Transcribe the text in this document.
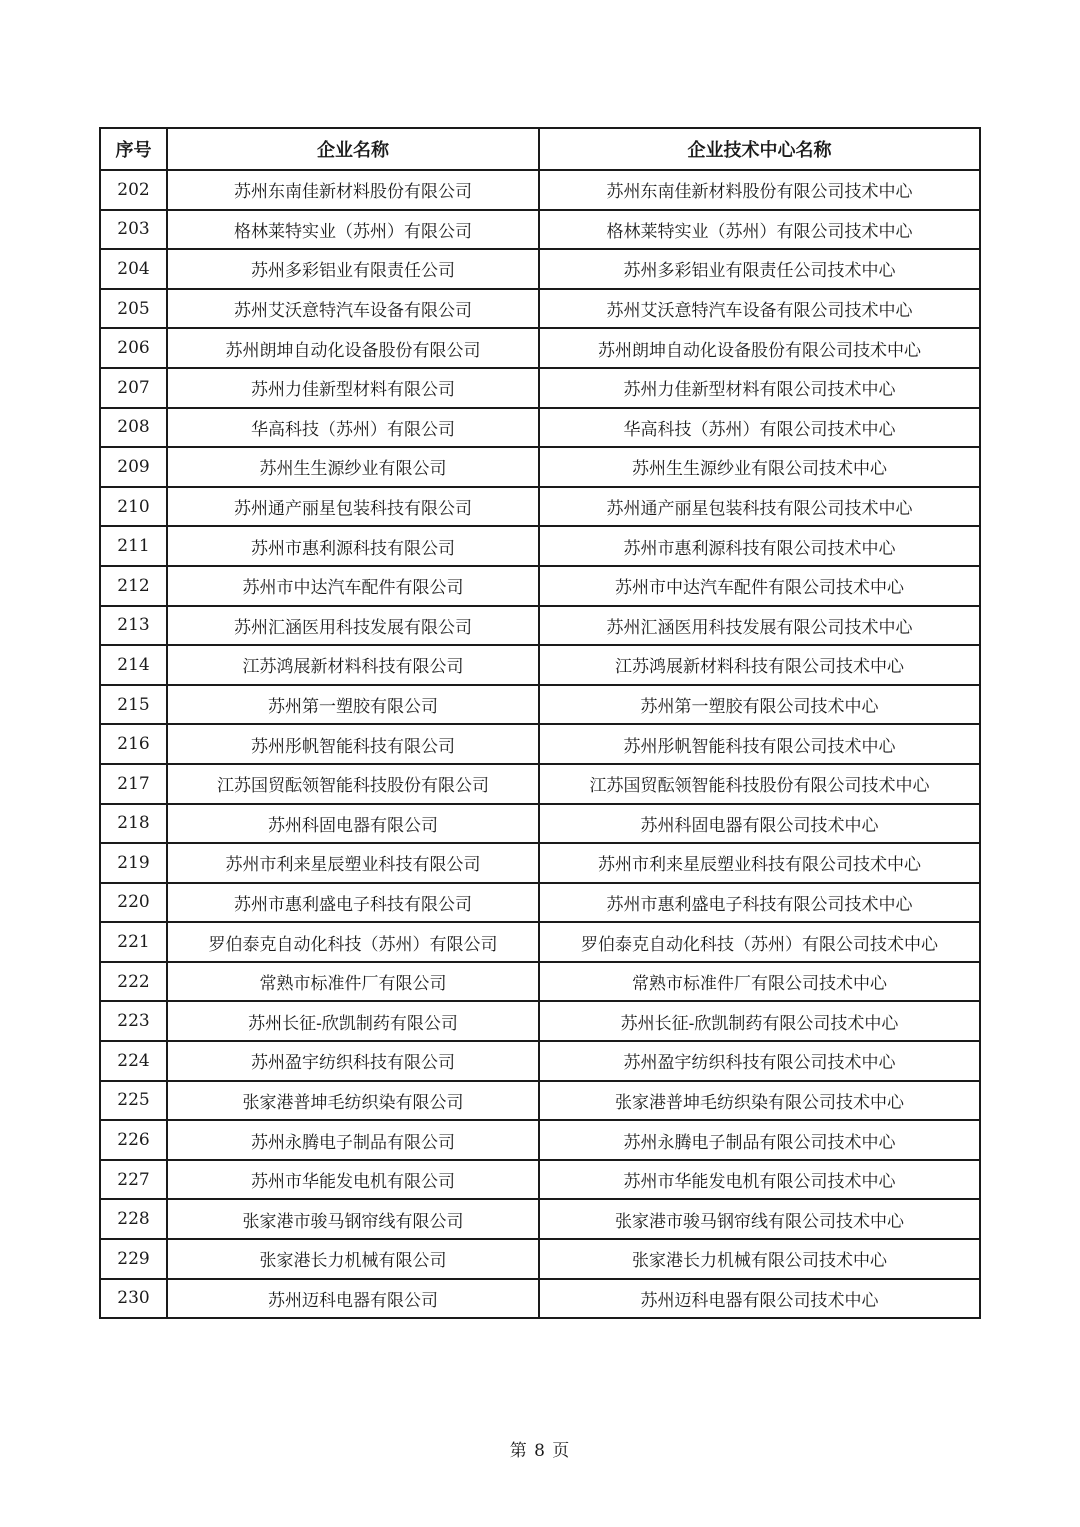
序号	企业名称	企业技术中心名称
202	苏州东南佳新材料股份有限公司	苏州东南佳新材料股份有限公司技术中心
203	格林莱特实业（苏州）有限公司	格林莱特实业（苏州）有限公司技术中心
204	苏州多彩铝业有限责任公司	苏州多彩铝业有限责任公司技术中心
205	苏州艾沃意特汽车设备有限公司	苏州艾沃意特汽车设备有限公司技术中心
206	苏州朗坤自动化设备股份有限公司	苏州朗坤自动化设备股份有限公司技术中心
207	苏州力佳新型材料有限公司	苏州力佳新型材料有限公司技术中心
208	华高科技（苏州）有限公司	华高科技（苏州）有限公司技术中心
209	苏州生生源纱业有限公司	苏州生生源纱业有限公司技术中心
210	苏州通产丽星包装科技有限公司	苏州通产丽星包装科技有限公司技术中心
211	苏州市惠利源科技有限公司	苏州市惠利源科技有限公司技术中心
212	苏州市中达汽车配件有限公司	苏州市中达汽车配件有限公司技术中心
213	苏州汇涵医用科技发展有限公司	苏州汇涵医用科技发展有限公司技术中心
214	江苏鸿展新材料科技有限公司	江苏鸿展新材料科技有限公司技术中心
215	苏州第一塑胶有限公司	苏州第一塑胶有限公司技术中心
216	苏州彤帆智能科技有限公司	苏州彤帆智能科技有限公司技术中心
217	江苏国贸酝领智能科技股份有限公司	江苏国贸酝领智能科技股份有限公司技术中心
218	苏州科固电器有限公司	苏州科固电器有限公司技术中心
219	苏州市利来星辰塑业科技有限公司	苏州市利来星辰塑业科技有限公司技术中心
220	苏州市惠利盛电子科技有限公司	苏州市惠利盛电子科技有限公司技术中心
221	罗伯泰克自动化科技（苏州）有限公司	罗伯泰克自动化科技（苏州）有限公司技术中心
222	常熟市标准件厂有限公司	常熟市标准件厂有限公司技术中心
223	苏州长征-欣凯制药有限公司	苏州长征-欣凯制药有限公司技术中心
224	苏州盈宇纺织科技有限公司	苏州盈宇纺织科技有限公司技术中心
225	张家港普坤毛纺织染有限公司	张家港普坤毛纺织染有限公司技术中心
226	苏州永腾电子制品有限公司	苏州永腾电子制品有限公司技术中心
227	苏州市华能发电机有限公司	苏州市华能发电机有限公司技术中心
228	张家港市骏马钢帘线有限公司	张家港市骏马钢帘线有限公司技术中心
229	张家港长力机械有限公司	张家港长力机械有限公司技术中心
230	苏州迈科电器有限公司	苏州迈科电器有限公司技术中心
第 8 页
